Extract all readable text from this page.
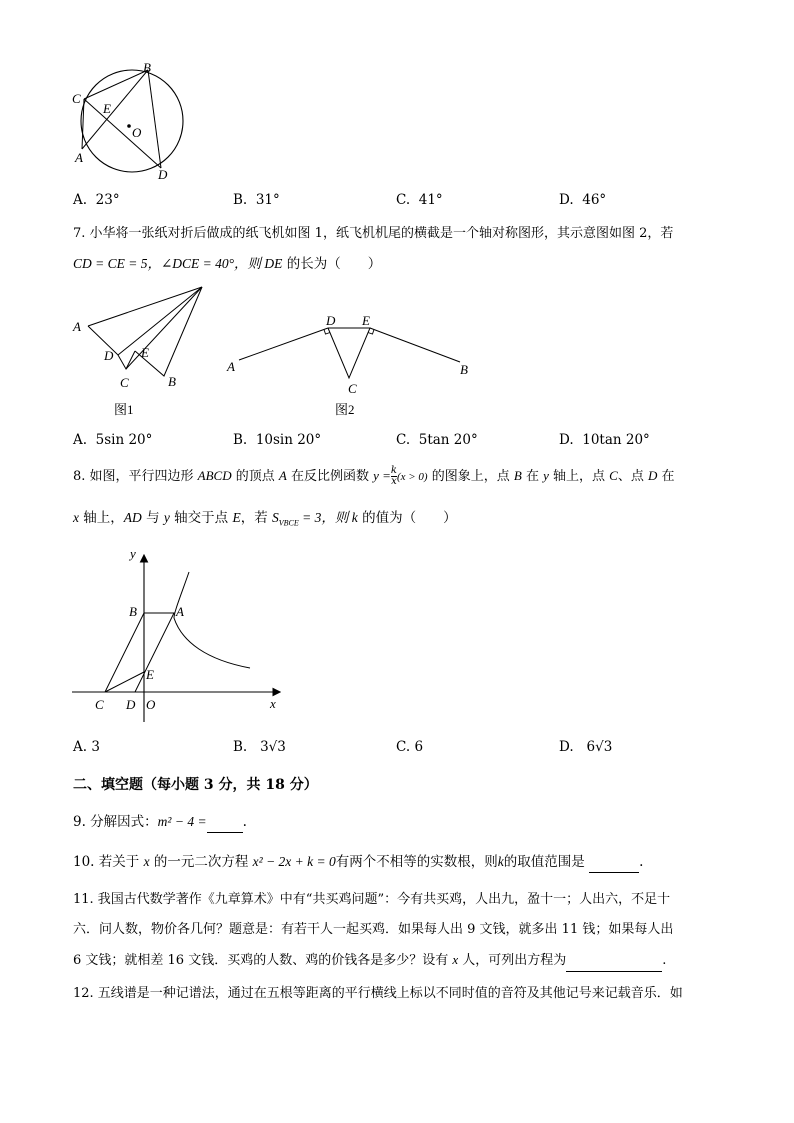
B
C
E
O
A
D
A. 23°	B. 31°	C. 41°	D. 46°
7. 小华将一张纸对折后做成的纸飞机如图 1，纸飞机机尾的横截是一个轴对称图形，其示意图如图 2，若
CD = CE = 5，∠DCE = 40°，则 DE 的长为（　　）
A
D E
C	B
图1
A
D E
C
B
图2
A. 5sin 20°	B. 10sin 20°	C. 5tan 20°	D. 10tan 20°
8. 如图，平行四边形 ABCD 的顶点 A 在反比例函数 $y = \frac{k}{x} (x > 0)$ 的图象上，点 B 在 y 轴上，点 C、点 D 在
x 轴上，AD 与 y 轴交于点 E，若 $S_{VBCE} = 3$，则 k 的值为（　　）
y
x
B	A
E
C D O
A. 3	B. 3√3	C. 6	D. 6√3
二、填空题（每小题 3 分，共 18 分）
9. 分解因式：m² − 4 =	.
10. 若关于 x 的一元二次方程 x² − 2x + k = 0有两个不相等的实数根，则k的取值范围是	.
11. 我国古代数学著作《九章算术》中有“共买鸡问题”：今有共买鸡，人出九，盈十一；人出六，不足十
六．问人数，物价各几何？题意是：有若干人一起买鸡．如果每人出 9 文钱，就多出 11 钱；如果每人出
6 文钱；就相差 16 文钱．买鸡的人数、鸡的价钱各是多少？设有 x 人，可列出方程为	.
12. 五线谱是一种记谱法，通过在五根等距离的平行横线上标以不同时值的音符及其他记号来记载音乐．如
